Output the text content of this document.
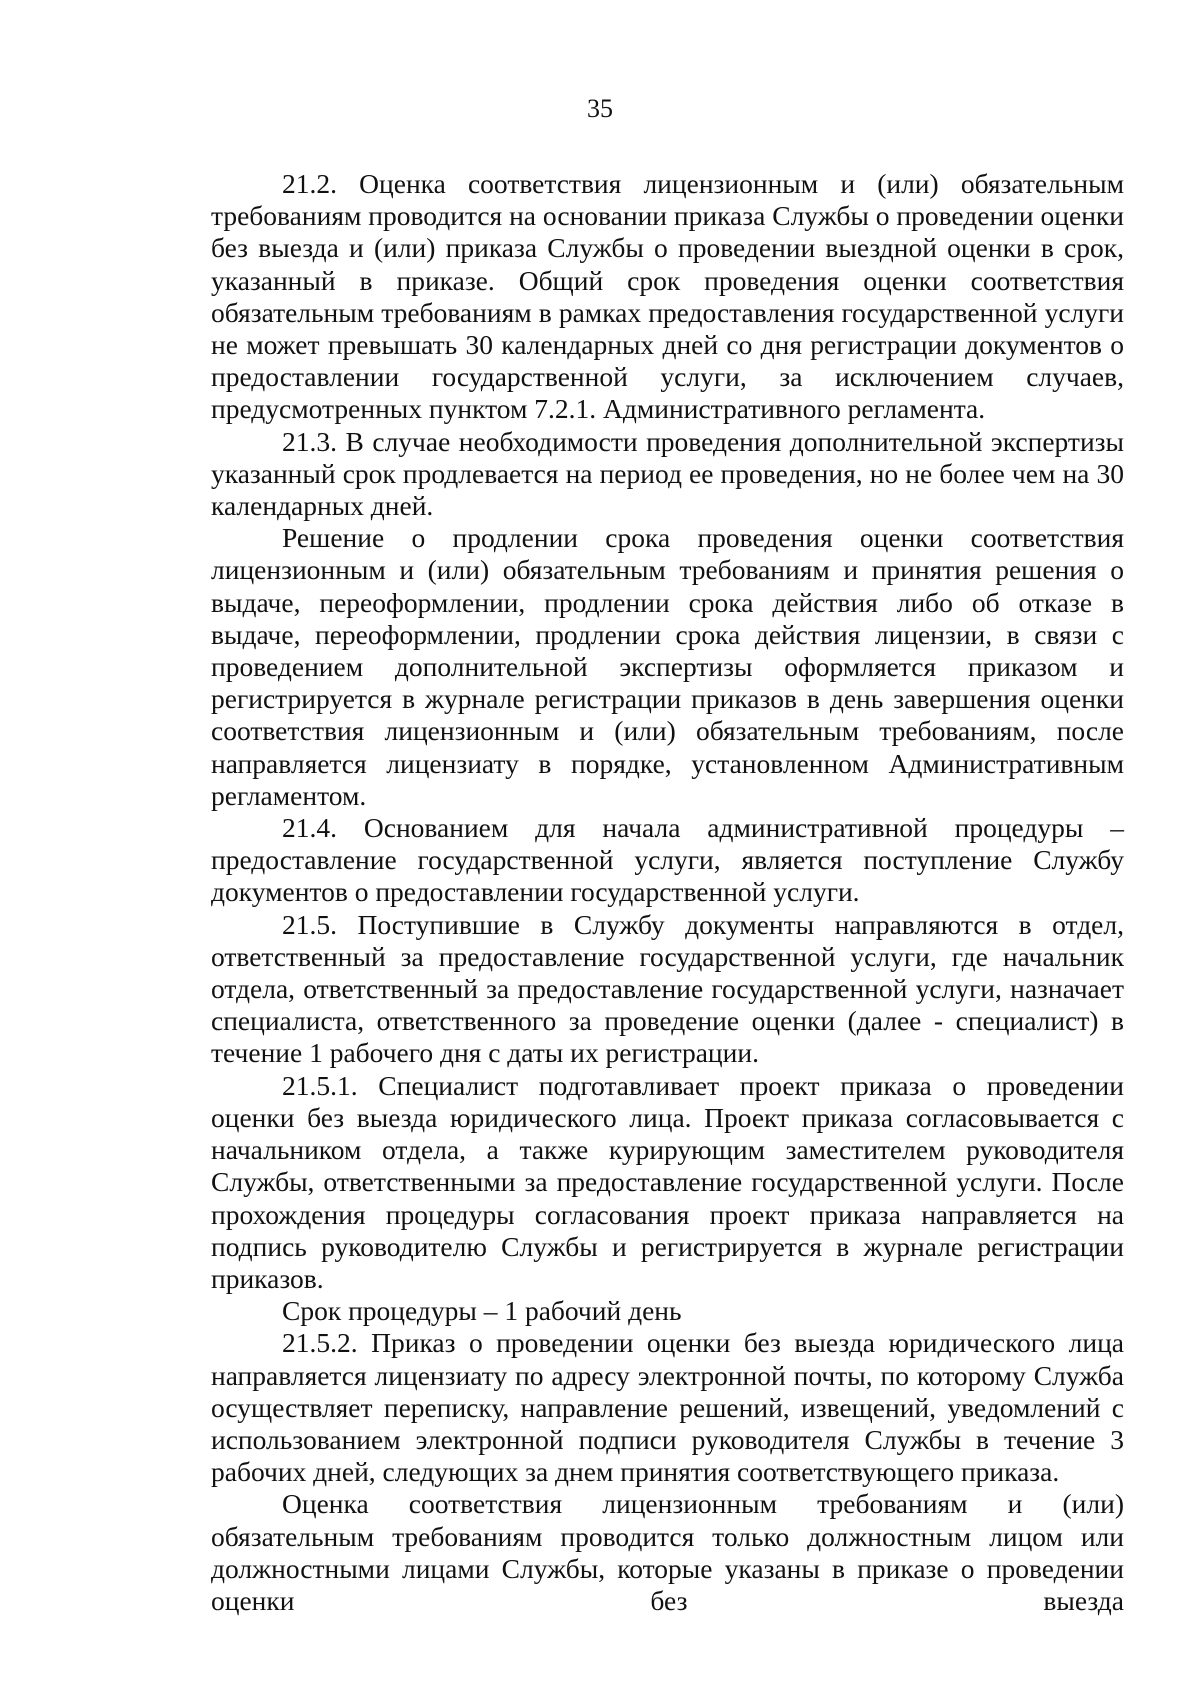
35

21.2. Оценка соответствия лицензионным и (или) обязательным требованиям проводится на основании приказа Службы о проведении оценки без выезда и (или) приказа Службы о проведении выездной оценки в срок, указанный в приказе. Общий срок проведения оценки соответствия обязательным требованиям в рамках предоставления государственной услуги не может превышать 30 календарных дней со дня регистрации документов о предоставлении государственной услуги, за исключением случаев, предусмотренных пунктом 7.2.1. Административного регламента.

21.3. В случае необходимости проведения дополнительной экспертизы указанный срок продлевается на период ее проведения, но не более чем на 30 календарных дней.

Решение о продлении срока проведения оценки соответствия лицензионным и (или) обязательным требованиям и принятия решения о выдаче, переоформлении, продлении срока действия либо об отказе в выдаче, переоформлении, продлении срока действия лицензии, в связи с проведением дополнительной экспертизы оформляется приказом и регистрируется в журнале регистрации приказов в день завершения оценки соответствия лицензионным и (или) обязательным требованиям, после направляется лицензиату в порядке, установленном Административным регламентом.

21.4. Основанием для начала административной процедуры – предоставление государственной услуги, является поступление Службу документов о предоставлении государственной услуги.

21.5. Поступившие в Службу документы направляются в отдел, ответственный за предоставление государственной услуги, где начальник отдела, ответственный за предоставление государственной услуги, назначает специалиста, ответственного за проведение оценки (далее - специалист) в течение 1 рабочего дня с даты их регистрации.

21.5.1. Специалист подготавливает проект приказа о проведении оценки без выезда юридического лица. Проект приказа согласовывается с начальником отдела, а также курирующим заместителем руководителя Службы, ответственными за предоставление государственной услуги. После прохождения процедуры согласования проект приказа направляется на подпись руководителю Службы и регистрируется в журнале регистрации приказов.

Срок процедуры – 1 рабочий день

21.5.2. Приказ о проведении оценки без выезда юридического лица направляется лицензиату по адресу электронной почты, по которому Служба осуществляет переписку, направление решений, извещений, уведомлений с использованием электронной подписи руководителя Службы в течение 3 рабочих дней, следующих за днем принятия соответствующего приказа.

Оценка соответствия лицензионным требованиям и (или) обязательным требованиям проводится только должностным лицом или должностными лицами Службы, которые указаны в приказе о проведении оценки без выезда
